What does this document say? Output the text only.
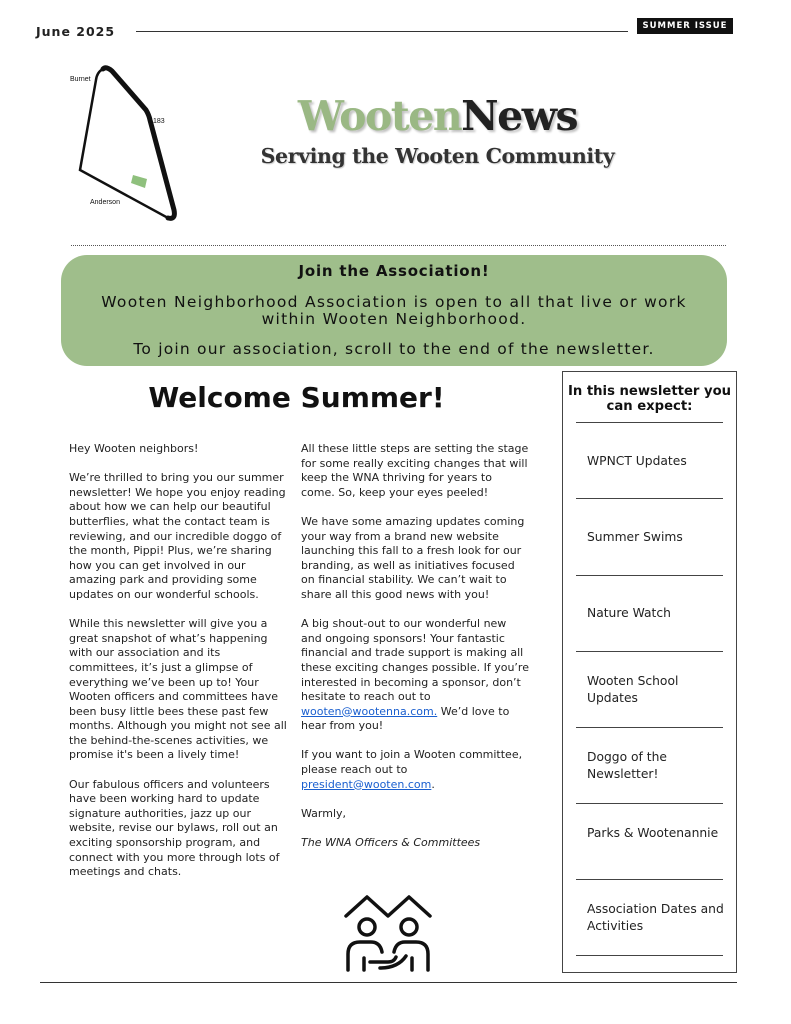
June 2025	SUMMER ISSUE
Burnet
183
Anderson
WootenNews
Serving the Wooten Community
Join the Association!
Wooten Neighborhood Association is open to all that live or work within Wooten Neighborhood.
To join our association, scroll to the end of the newsletter.
Welcome Summer!

Hey Wooten neighbors!

We’re thrilled to bring you our summer newsletter! We hope you enjoy reading about how we can help our beautiful butterflies, what the contact team is reviewing, and our incredible doggo of the month, Pippi! Plus, we’re sharing how you can get involved in our amazing park and providing some updates on our wonderful schools.

While this newsletter will give you a great snapshot of what’s happening with our association and its committees, it’s just a glimpse of everything we’ve been up to! Your Wooten officers and committees have been busy little bees these past few months. Although you might not see all the behind-the-scenes activities, we promise it's been a lively time!

Our fabulous officers and volunteers have been working hard to update signature authorities, jazz up our website, revise our bylaws, roll out an exciting sponsorship program, and connect with you more through lots of meetings and chats.

All these little steps are setting the stage for some really exciting changes that will keep the WNA thriving for years to come. So, keep your eyes peeled!

We have some amazing updates coming your way from a brand new website launching this fall to a fresh look for our branding, as well as initiatives focused on financial stability. We can’t wait to share all this good news with you!

A big shout-out to our wonderful new and ongoing sponsors! Your fantastic financial and trade support is making all these exciting changes possible. If you’re interested in becoming a sponsor, don’t hesitate to reach out to wooten@wootenna.com. We’d love to hear from you!

If you want to join a Wooten committee, please reach out to president@wooten.com.

Warmly,

The WNA Officers & Committees

In this newsletter you can expect:
WPNCT Updates
Summer Swims
Nature Watch
Wooten School Updates
Doggo of the Newsletter!
Parks & Wootenannie
Association Dates and Activities
